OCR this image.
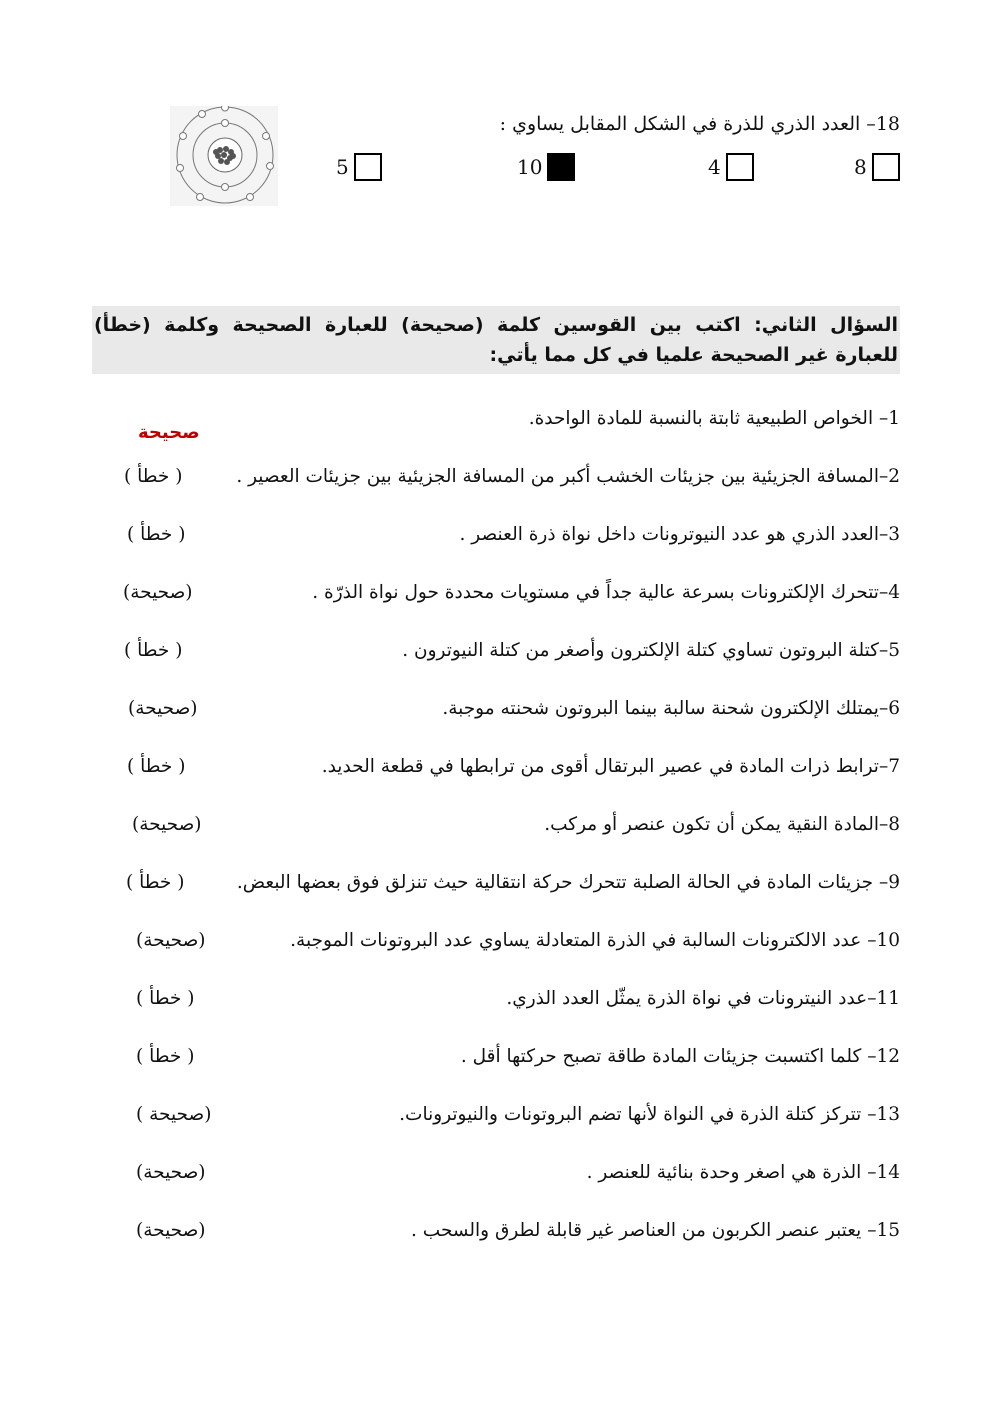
18– العدد الذري للذرة في الشكل المقابل يساوي :
8
4
10
5
السؤال الثاني: اكتب بين القوسين كلمة (صحيحة) للعبارة الصحيحة وكلمة (خطأ) للعبارة غير الصحيحة علميا في كل مما يأتي:
1– الخواص الطبيعية ثابتة بالنسبة للمادة الواحدة.
صحيحة
2–المسافة الجزيئية بين جزيئات الخشب أكبر من المسافة الجزيئية بين جزيئات العصير .
( خطأ )
3–العدد الذري هو عدد النيوترونات داخل نواة ذرة العنصر .
( خطأ )
4–تتحرك الإلكترونات بسرعة عالية جداً في مستويات محددة حول نواة الذرّة .
(صحيحة)
5–كتلة البروتون تساوي كتلة الإلكترون وأصغر من كتلة النيوترون .
( خطأ )
6–يمتلك الإلكترون شحنة سالبة بينما البروتون شحنته موجبة.
(صحيحة)
7–ترابط ذرات المادة في عصير البرتقال أقوى من ترابطها في قطعة الحديد.
( خطأ )
8–المادة النقية يمكن أن تكون عنصر أو مركب.
(صحيحة)
9– جزيئات المادة في الحالة الصلبة تتحرك حركة انتقالية حيث تنزلق فوق بعضها البعض.
( خطأ )
10– عدد الالكترونات السالبة في الذرة المتعادلة يساوي عدد البروتونات الموجبة.
(صحيحة)
11–عدد النيترونات في نواة الذرة يمثّل العدد الذري.
( خطأ )
12– كلما اكتسبت جزيئات المادة طاقة تصبح حركتها أقل .
( خطأ )
13– تتركز كتلة الذرة في النواة لأنها تضم البروتونات والنيوترونات.
(صحيحة )
14– الذرة هي اصغر وحدة بنائية للعنصر .
(صحيحة)
15– يعتبر عنصر الكربون من العناصر غير قابلة لطرق والسحب .
(صحيحة)
